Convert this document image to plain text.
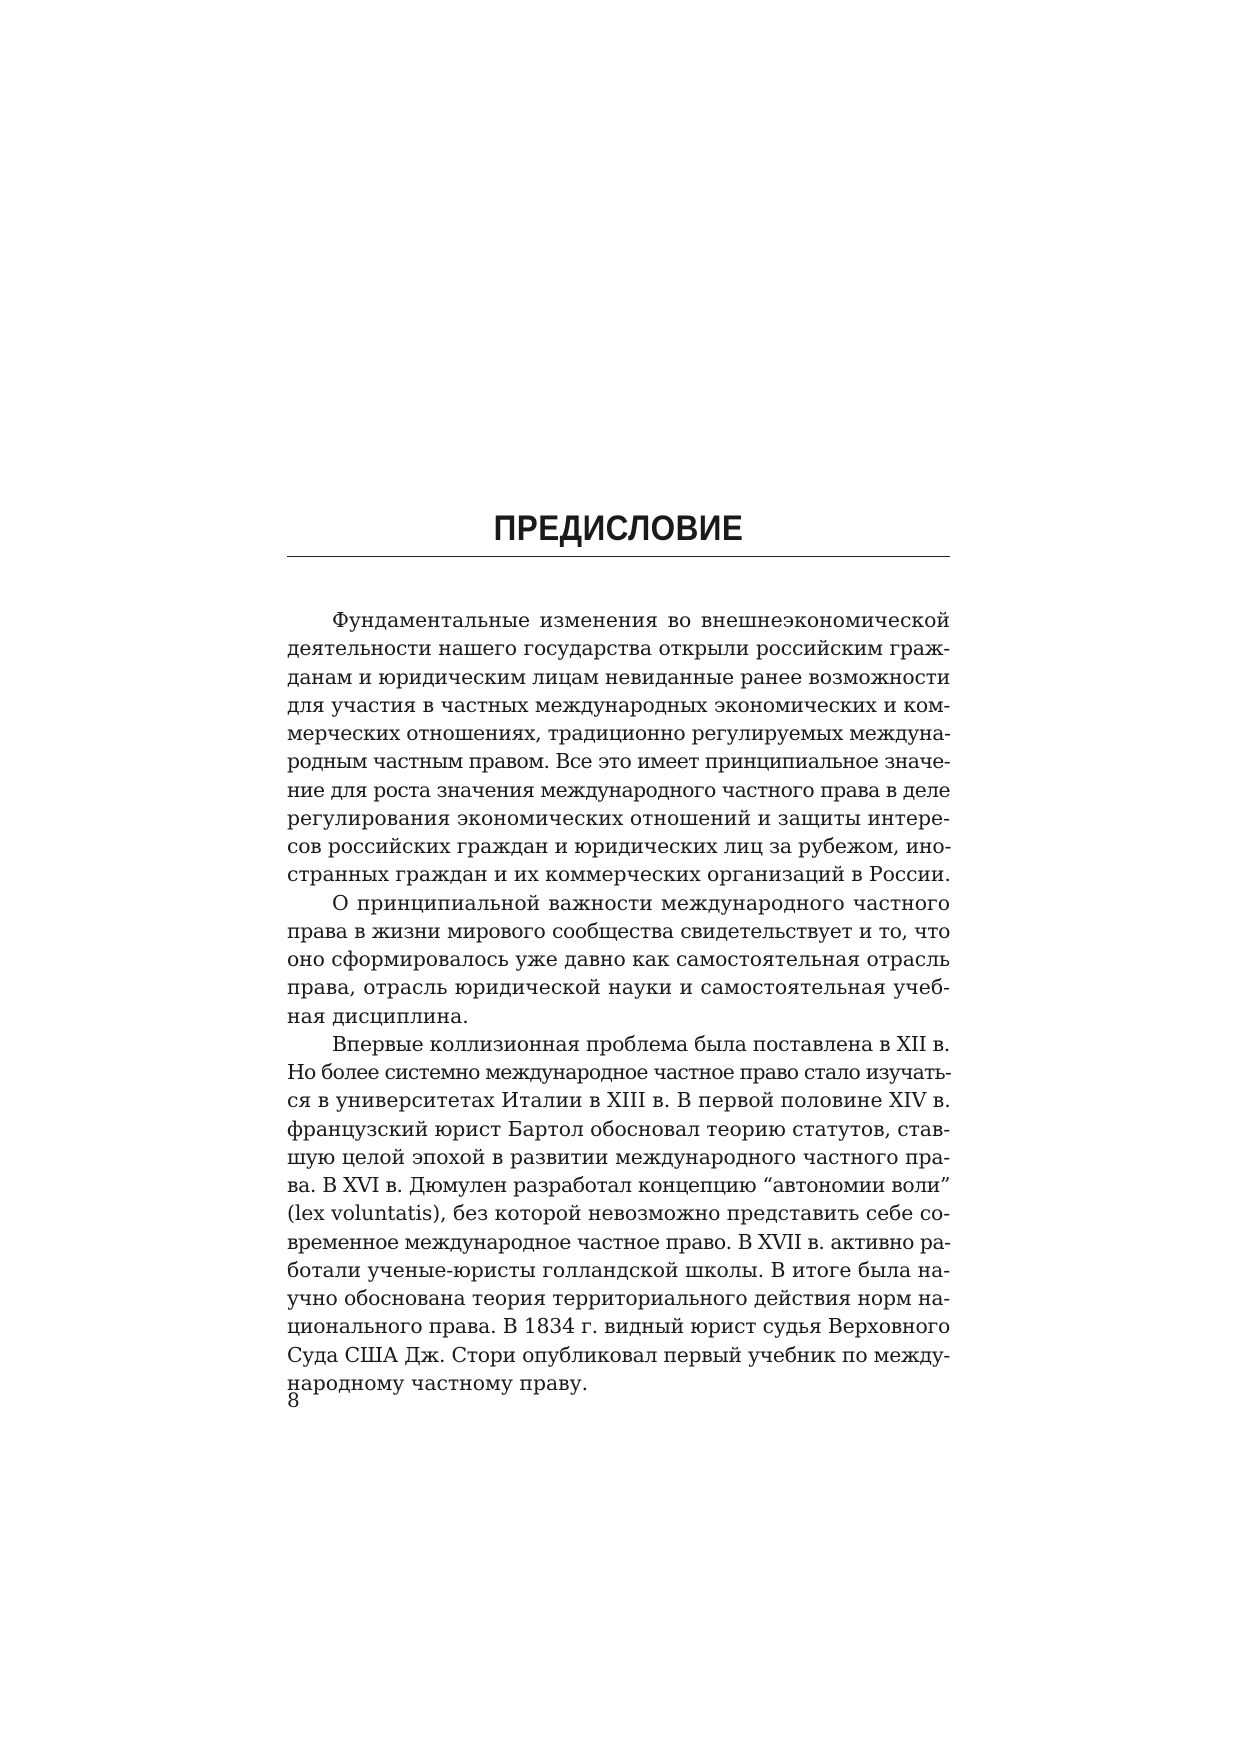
ПРЕДИСЛОВИЕ
Фундаментальные изменения во внешнеэкономической
деятельности нашего государства открыли российским граж-
данам и юридическим лицам невиданные ранее возможности
для участия в частных международных экономических и ком-
мерческих отношениях, традиционно регулируемых междуна-
родным частным правом. Все это имеет принципиальное значе-
ние для роста значения международного частного права в деле
регулирования экономических отношений и защиты интере-
сов российских граждан и юридических лиц за рубежом, ино-
странных граждан и их коммерческих организаций в России.
О принципиальной важности международного частного
права в жизни мирового сообщества свидетельствует и то, что
оно сформировалось уже давно как самостоятельная отрасль
права, отрасль юридической науки и самостоятельная учеб-
ная дисциплина.
Впервые коллизионная проблема была поставлена в XII в.
Но более системно международное частное право стало изучать-
ся в университетах Италии в XIII в. В первой половине XIV в.
французский юрист Бартол обосновал теорию статутов, став-
шую целой эпохой в развитии международного частного пра-
ва. В XVI в. Дюмулен разработал концепцию “автономии воли”
(lex voluntatis), без которой невозможно представить себе со-
временное международное частное право. В XVII в. активно ра-
ботали ученые-юристы голландской школы. В итоге была на-
учно обоснована теория территориального действия норм на-
ционального права. В 1834 г. видный юрист судья Верховного
Суда США Дж. Стори опубликовал первый учебник по между-
народному частному праву.
8
